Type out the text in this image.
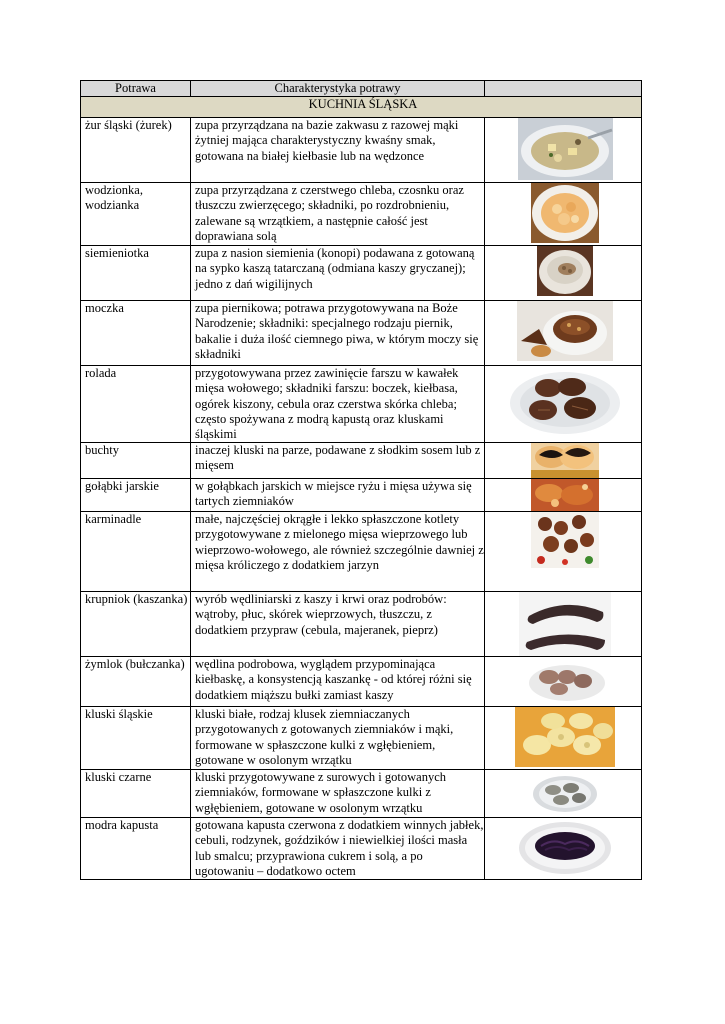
Potrawa	Charakterystyka potrawy	
KUCHNIA ŚLĄSKA		
żur śląski (żurek)	zupa przyrządzana na bazie zakwasu z razowej mąki żytniej mająca charakterystyczny kwaśny smak, gotowana na białej kiełbasie lub na wędzonce	

wodzionka, wodzianka	zupa przyrządzana z czerstwego chleba, czosnku oraz tłuszczu zwierzęcego; składniki, po rozdrobnieniu, zalewane są wrzątkiem, a następnie całość jest doprawiana solą	

siemieniotka	zupa z nasion siemienia (konopi) podawana z gotowaną na sypko kaszą tatarczaną (odmiana kaszy gryczanej); jedno z dań wigilijnych	

moczka	zupa piernikowa; potrawa przygotowywana na Boże Narodzenie; składniki: specjalnego rodzaju piernik, bakalie i duża ilość ciemnego piwa, w którym moczy się składniki	

rolada	przygotowywana przez zawinięcie farszu w kawałek mięsa wołowego; składniki farszu: boczek, kiełbasa, ogórek kiszony, cebula oraz czerstwa skórka chleba; często spożywana z modrą kapustą oraz kluskami śląskimi	

buchty	inaczej kluski na parze, podawane z słodkim sosem lub z mięsem	

gołąbki jarskie	w gołąbkach jarskich w miejsce ryżu i mięsa używa się tartych ziemniaków	

karminadle	małe, najczęściej okrągłe i lekko spłaszczone kotlety przygotowywane z mielonego mięsa wieprzowego lub wieprzowo-wołowego, ale również szczególnie dawniej z mięsa króliczego z dodatkiem jarzyn	

krupniok (kaszanka)	wyrób wędliniarski z kaszy i krwi oraz podrobów: wątroby, płuc, skórek wieprzowych, tłuszczu, z dodatkiem przypraw (cebula, majeranek, pieprz)	

żymlok (bułczanka)	wędlina podrobowa, wyglądem przypominająca kiełbaskę, a konsystencją kaszankę - od której różni się dodatkiem miąższu bułki zamiast kaszy	

kluski śląskie	kluski białe, rodzaj klusek ziemniaczanych przygotowanych z gotowanych ziemniaków i mąki, formowane w spłaszczone kulki z wgłębieniem, gotowane w osolonym wrzątku	

kluski czarne	kluski przygotowywane z surowych i gotowanych ziemniaków, formowane w spłaszczone kulki z wgłębieniem, gotowane w osolonym wrzątku	

modra kapusta	gotowana kapusta czerwona z dodatkiem winnych jabłek, cebuli, rodzynek, goździków i niewielkiej ilości masła lub smalcu; przyprawiona cukrem i solą, a po ugotowaniu – dodatkowo octem	
